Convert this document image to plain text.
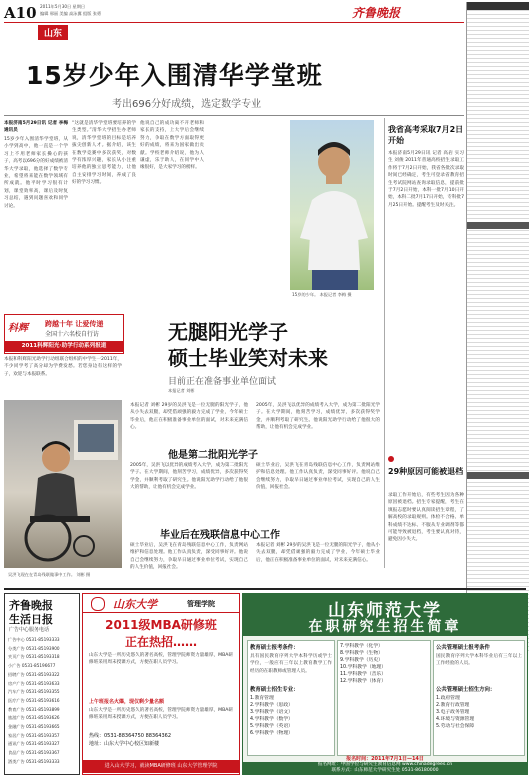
A10 2011年5月30日 星期日
编辑 邢丽 美编 高泳翼 组版 张勇	齐鲁晚报
山东
15岁少年入围清华学堂班
考出696分好成绩，选定数学专业
本报济南5月29日讯 记者 李梅 通讯员
15岁少年入围清华学堂班，从小学到高中，他一直是一个学习上不用老师家长操心的孩子，高考以696分的好成绩被清华大学录取，他选择了数学专业，希望将来能在数学领域有所成就。他平时学习很有计划，课堂效率高，课后及时复习总结，遇到问题喜欢和同学讨论。
“这就是清华学堂班要培养的学生类型。”清华大学招生办老师说，清华学堂班的目标是培养拔尖创新人才。据介绍，该生在数学竞赛中多次获奖，对数学有浓厚兴趣，家长从小注重培养他的独立思考能力，让他自主安排学习时间，养成了良好的学习习惯。
他说自己的成功离不开老师和家长的支持，上大学后会继续努力，争取在数学方面取得更好的成绩，将来为国家做出贡献。学校老师介绍说，他为人谦虚，乐于助人，在同学中人缘很好，是大家学习的榜样。
15岁的少年。 本报记者 李梅 摄
我省高考采取7月2日开始
本报济南5月29日讯 记者 高岩 实习生 刘俊 2011年普通高校招生录取工作将于7月2日开始，我省各批次录取时间已经确定，考生可登录省教育招生考试院网站查询录取信息，提前批于7月2日开始，本科一批7月10日开始，本科二批7月17日开始，专科批7月25日开始。提醒考生及时关注。
29种原因可能被退档
录取工作开始后，有些考生因为各种原因被退档。招生专家提醒，考生在填报志愿时要认真阅读招生章程，了解高校的录取规则。体检不合格、单科成绩不达标、不服从专业调剂等都可能导致被退档，考生要认真对待，避免因小失大。
科辉 跨越十年 让爱传递
全国十六名校自行访
2011科辉阳光·助学行动系列报道
本报和科辉阳光助学行动组联合组织的中学生一2011年，不少同学考了高分却为学费发愁。若您身边有这样的学子，欢迎与本报联系。
吴洪飞现在在青岛残联做事中工作。 刘彬 摄
无腿阳光学子
硕士毕业笑对未来
目前正在准备事业单位面试
本报记者 刘彬
本报记者 刘彬 29岁的吴洪飞是一位无腿的阳光学子，他从小失去双腿，却凭借顽强的毅力完成了学业，今年硕士毕业后，他正在积极准备事业单位的面试，对未来充满信心。
2005年，吴洪飞以优异的成绩考入大学，成为第二批阳光学子。在大学期间，他刻苦学习，成绩优异，多次获得奖学金，并顺利考取了研究生。他说阳光助学行动给了他很大的帮助，让他有机会完成学业。
他是第二批阳光学子
2005年，吴洪飞以优异的成绩考入大学，成为第二批阳光学子。在大学期间，他刻苦学习，成绩优异，多次获得奖学金，并顺利考取了研究生。他说阳光助学行动给了他很大的帮助，让他有机会完成学业。
硕士毕业后，吴洪飞在青岛残联信息中心工作，负责网站维护和信息处理。他工作认真负责，深受同事好评。他说自己会继续努力，争取早日通过事业单位考试，实现自己的人生价值，回报社会。
毕业后在残联信息中心工作
硕士毕业后，吴洪飞在青岛残联信息中心工作，负责网站维护和信息处理。他工作认真负责，深受同事好评。他说自己会继续努力，争取早日通过事业单位考试，实现自己的人生价值，回报社会。
本报记者 刘彬 29岁的吴洪飞是一位无腿的阳光学子，他从小失去双腿，却凭借顽强的毅力完成了学业，今年硕士毕业后，他正在积极准备事业单位的面试，对未来充满信心。
齐鲁晚报
生活日报
广告中心服务电话
广告中心 0531-85193333
分类广告 0531-85193900
夹页广告 0531-85193318
小广告 0531-85196677
招聘广告 0531-85193322
房产广告 0531-85193633
汽车广告 0531-85193355
医疗广告 0531-85193616
教育广告 0531-85193899
旅游广告 0531-85193626
金融广告 0531-85193665
家居广告 0531-85193357
通讯广告 0531-85193327
食品广告 0531-85193367
酒类广告 0531-85193333
山东大学	管理学院
2011级MBA研修班
正在热招……
山东大学是一所历史悠久的著名高校，管理学院师资力量雄厚，MBA研修班采用周末授课方式，方便在职人员学习。
上午班报名火爆，现仅剩少量名额
山东大学是一所历史悠久的著名高校，管理学院师资力量雄厚，MBA研修班采用周末授课方式，方便在职人员学习。
热线：0531-88364750 88364362
地址：山东大学中心校区知新楼
进入山大学习，就读MBA研修班 山东大学管理学院
山东师范大学
在职研究生招生简章
教育硕士报考条件：
具有国民教育序列大学本科学历或学士学位，一般应有三年以上教育教学工作经历的在职教师或管理人员。
教育硕士招生专业：
1.教育管理
2.学科教学（思政）
3.学科教学（语文）
4.学科教学（数学）
5.学科教学（英语）
6.学科教学（物理）
7.学科教学（化学）
8.学科教学（生物）
9.学科教学（历史）
10.学科教学（地理）
11.学科教学（音乐）
12.学科教学（体育）
公共管理硕士报考条件
国民教育序列大学本科毕业后有三年以上工作经验的人员。
公共管理硕士招生方向：
1.政府管理
2.教育行政管理
3.电子政务管理
4.环境与资源管理
5.劳动与社会保障
报名时间：2011年7月1日—14日
报名网址：中国学位与研究生教育信息网 www.chinadegrees.cn
联系方式：山东师范大学研究生处 0531-86180000
